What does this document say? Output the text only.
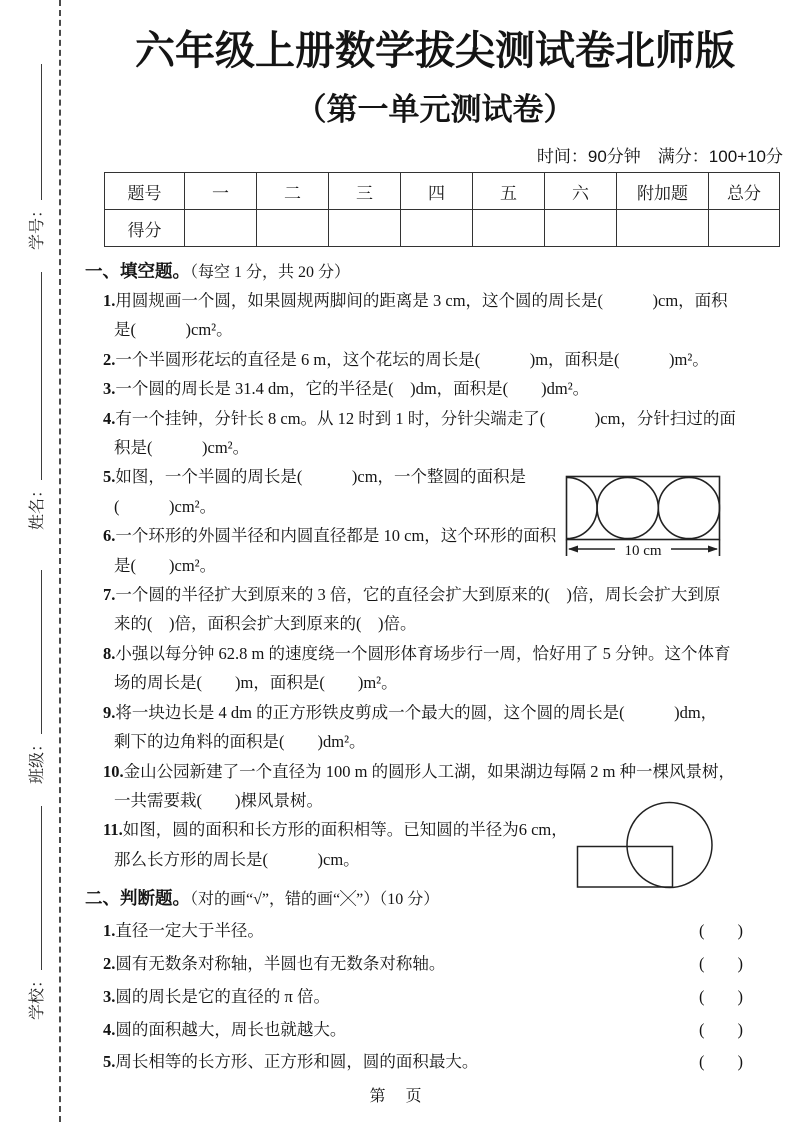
学号：
姓名：
班级：
学校：
六年级上册数学拔尖测试卷北师版
（第一单元测试卷）
时间：90分钟　满分：100+10分
题号	一	二	三	四	五	六	附加题	总分
得分								
一、填空题。（每空 1 分，共 20 分）
1.用圆规画一个圆，如果圆规两脚间的距离是 3 cm，这个圆的周长是(　　　)cm，面积
是(　　　)cm²。
2.一个半圆形花坛的直径是 6 m，这个花坛的周长是(　　　)m，面积是(　　　)m²。
3.一个圆的周长是 31.4 dm，它的半径是(　)dm，面积是(　　)dm²。
4.有一个挂钟，分针长 8 cm。从 12 时到 1 时，分针尖端走了(　　　)cm，分针扫过的面
积是(　　　)cm²。
5.如图，一个半圆的周长是(　　　)cm，一个整圆的面积是
(　　　)cm²。
6.一个环形的外圆半径和内圆直径都是 10 cm，这个环形的面积
是(　　)cm²。
7.一个圆的半径扩大到原来的 3 倍，它的直径会扩大到原来的(　)倍，周长会扩大到原
来的(　)倍，面积会扩大到原来的(　)倍。
8.小强以每分钟 62.8 m 的速度绕一个圆形体育场步行一周，恰好用了 5 分钟。这个体育
场的周长是(　　)m，面积是(　　)m²。
9.将一块边长是 4 dm 的正方形铁皮剪成一个最大的圆，这个圆的周长是(　　　)dm，
剩下的边角料的面积是(　　)dm²。
10.金山公园新建了一个直径为 100 m 的圆形人工湖，如果湖边每隔 2 m 种一棵风景树，
一共需要栽(　　)棵风景树。
11.如图，圆的面积和长方形的面积相等。已知圆的半径为6 cm，
那么长方形的周长是(　　　)cm。
二、判断题。（对的画“√”，错的画“╳”）（10 分）
1.直径一定大于半径。	(　　)
2.圆有无数条对称轴，半圆也有无数条对称轴。	(　　)
3.圆的周长是它的直径的 π 倍。	(　　)
4.圆的面积越大，周长也就越大。	(　　)
5.周长相等的长方形、正方形和圆，圆的面积最大。	(　　)
10 cm
第　页
